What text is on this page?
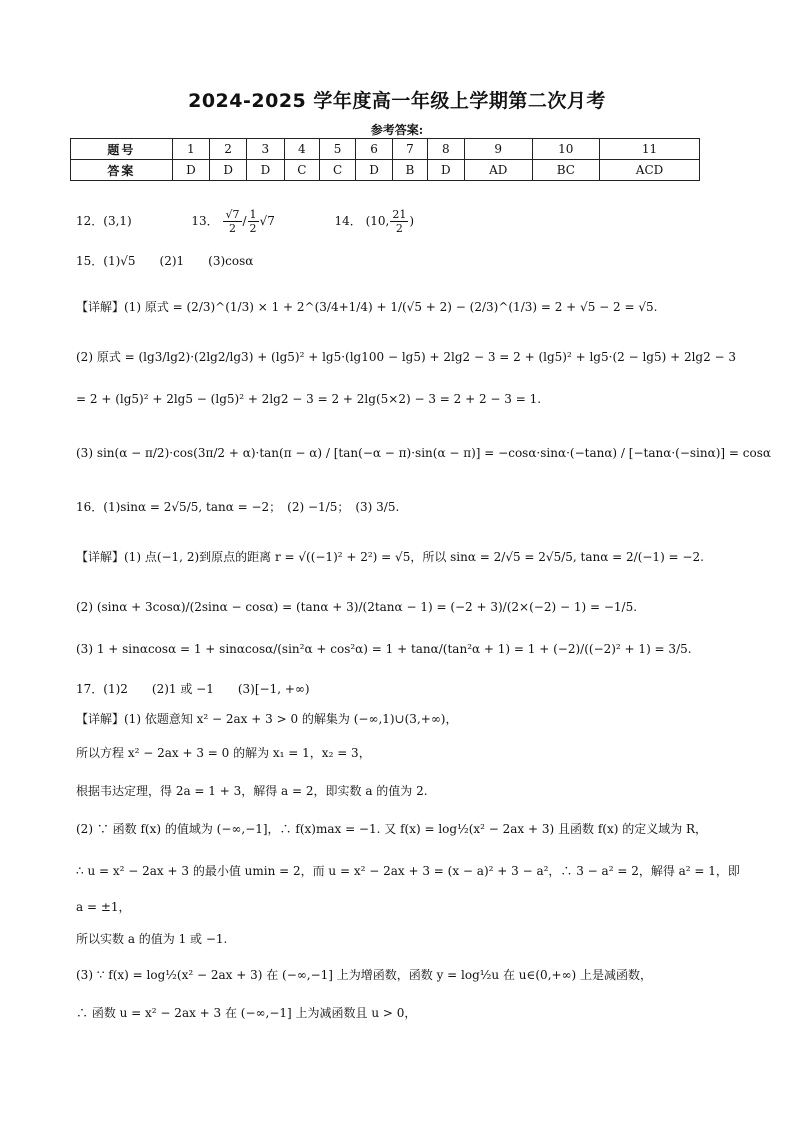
2024-2025 学年度高一年级上学期第二次月考
参考答案:
题号	1	2	3	4	5	6	7	8	9	10	11
答案	D	D	D	C	C	D	B	D	AD	BC	ACD
12．(3,1)	13． $\frac{√7}{2} / \frac{1}{2} √7$	14． (10, $\frac{21}{2}$ )
15．(1)√5　　(2)1　　(3)cosα
【详解】(1) 原式 = (2/3)^(1/3) × 1 + 2^(3/4+1/4) + 1/(√5 + 2) − (2/3)^(1/3) = 2 + √5 − 2 = √5.
(2) 原式 = (lg3/lg2)·(2lg2/lg3) + (lg5)² + lg5·(lg100 − lg5) + 2lg2 − 3 = 2 + (lg5)² + lg5·(2 − lg5) + 2lg2 − 3
= 2 + (lg5)² + 2lg5 − (lg5)² + 2lg2 − 3 = 2 + 2lg(5×2) − 3 = 2 + 2 − 3 = 1.
(3) sin(α − π/2)·cos(3π/2 + α)·tan(π − α) / [tan(−α − π)·sin(α − π)] = −cosα·sinα·(−tanα) / [−tanα·(−sinα)] = cosα
16．(1)sinα = 2√5/5, tanα = −2；　(2) −1/5；　(3) 3/5.
【详解】(1) 点(−1, 2)到原点的距离 r = √((−1)² + 2²) = √5，所以 sinα = 2/√5 = 2√5/5, tanα = 2/(−1) = −2.
(2) (sinα + 3cosα)/(2sinα − cosα) = (tanα + 3)/(2tanα − 1) = (−2 + 3)/(2×(−2) − 1) = −1/5.
(3) 1 + sinαcosα = 1 + sinαcosα/(sin²α + cos²α) = 1 + tanα/(tan²α + 1) = 1 + (−2)/((−2)² + 1) = 3/5.
17．(1)2　　(2)1 或 −1　　(3)[−1, +∞)
【详解】(1) 依题意知 x² − 2ax + 3 > 0 的解集为 (−∞,1)∪(3,+∞)，
所以方程 x² − 2ax + 3 = 0 的解为 x₁ = 1，x₂ = 3，
根据韦达定理，得 2a = 1 + 3，解得 a = 2，即实数 a 的值为 2.
(2) ∵ 函数 f(x) 的值域为 (−∞,−1]，∴ f(x)max = −1. 又 f(x) = log½(x² − 2ax + 3) 且函数 f(x) 的定义域为 R，
∴ u = x² − 2ax + 3 的最小值 umin = 2，而 u = x² − 2ax + 3 = (x − a)² + 3 − a²，∴ 3 − a² = 2，解得 a² = 1，即
a = ±1，
所以实数 a 的值为 1 或 −1.
(3) ∵ f(x) = log½(x² − 2ax + 3) 在 (−∞,−1] 上为增函数，函数 y = log½u 在 u∈(0,+∞) 上是减函数，
∴ 函数 u = x² − 2ax + 3 在 (−∞,−1] 上为减函数且 u > 0，
